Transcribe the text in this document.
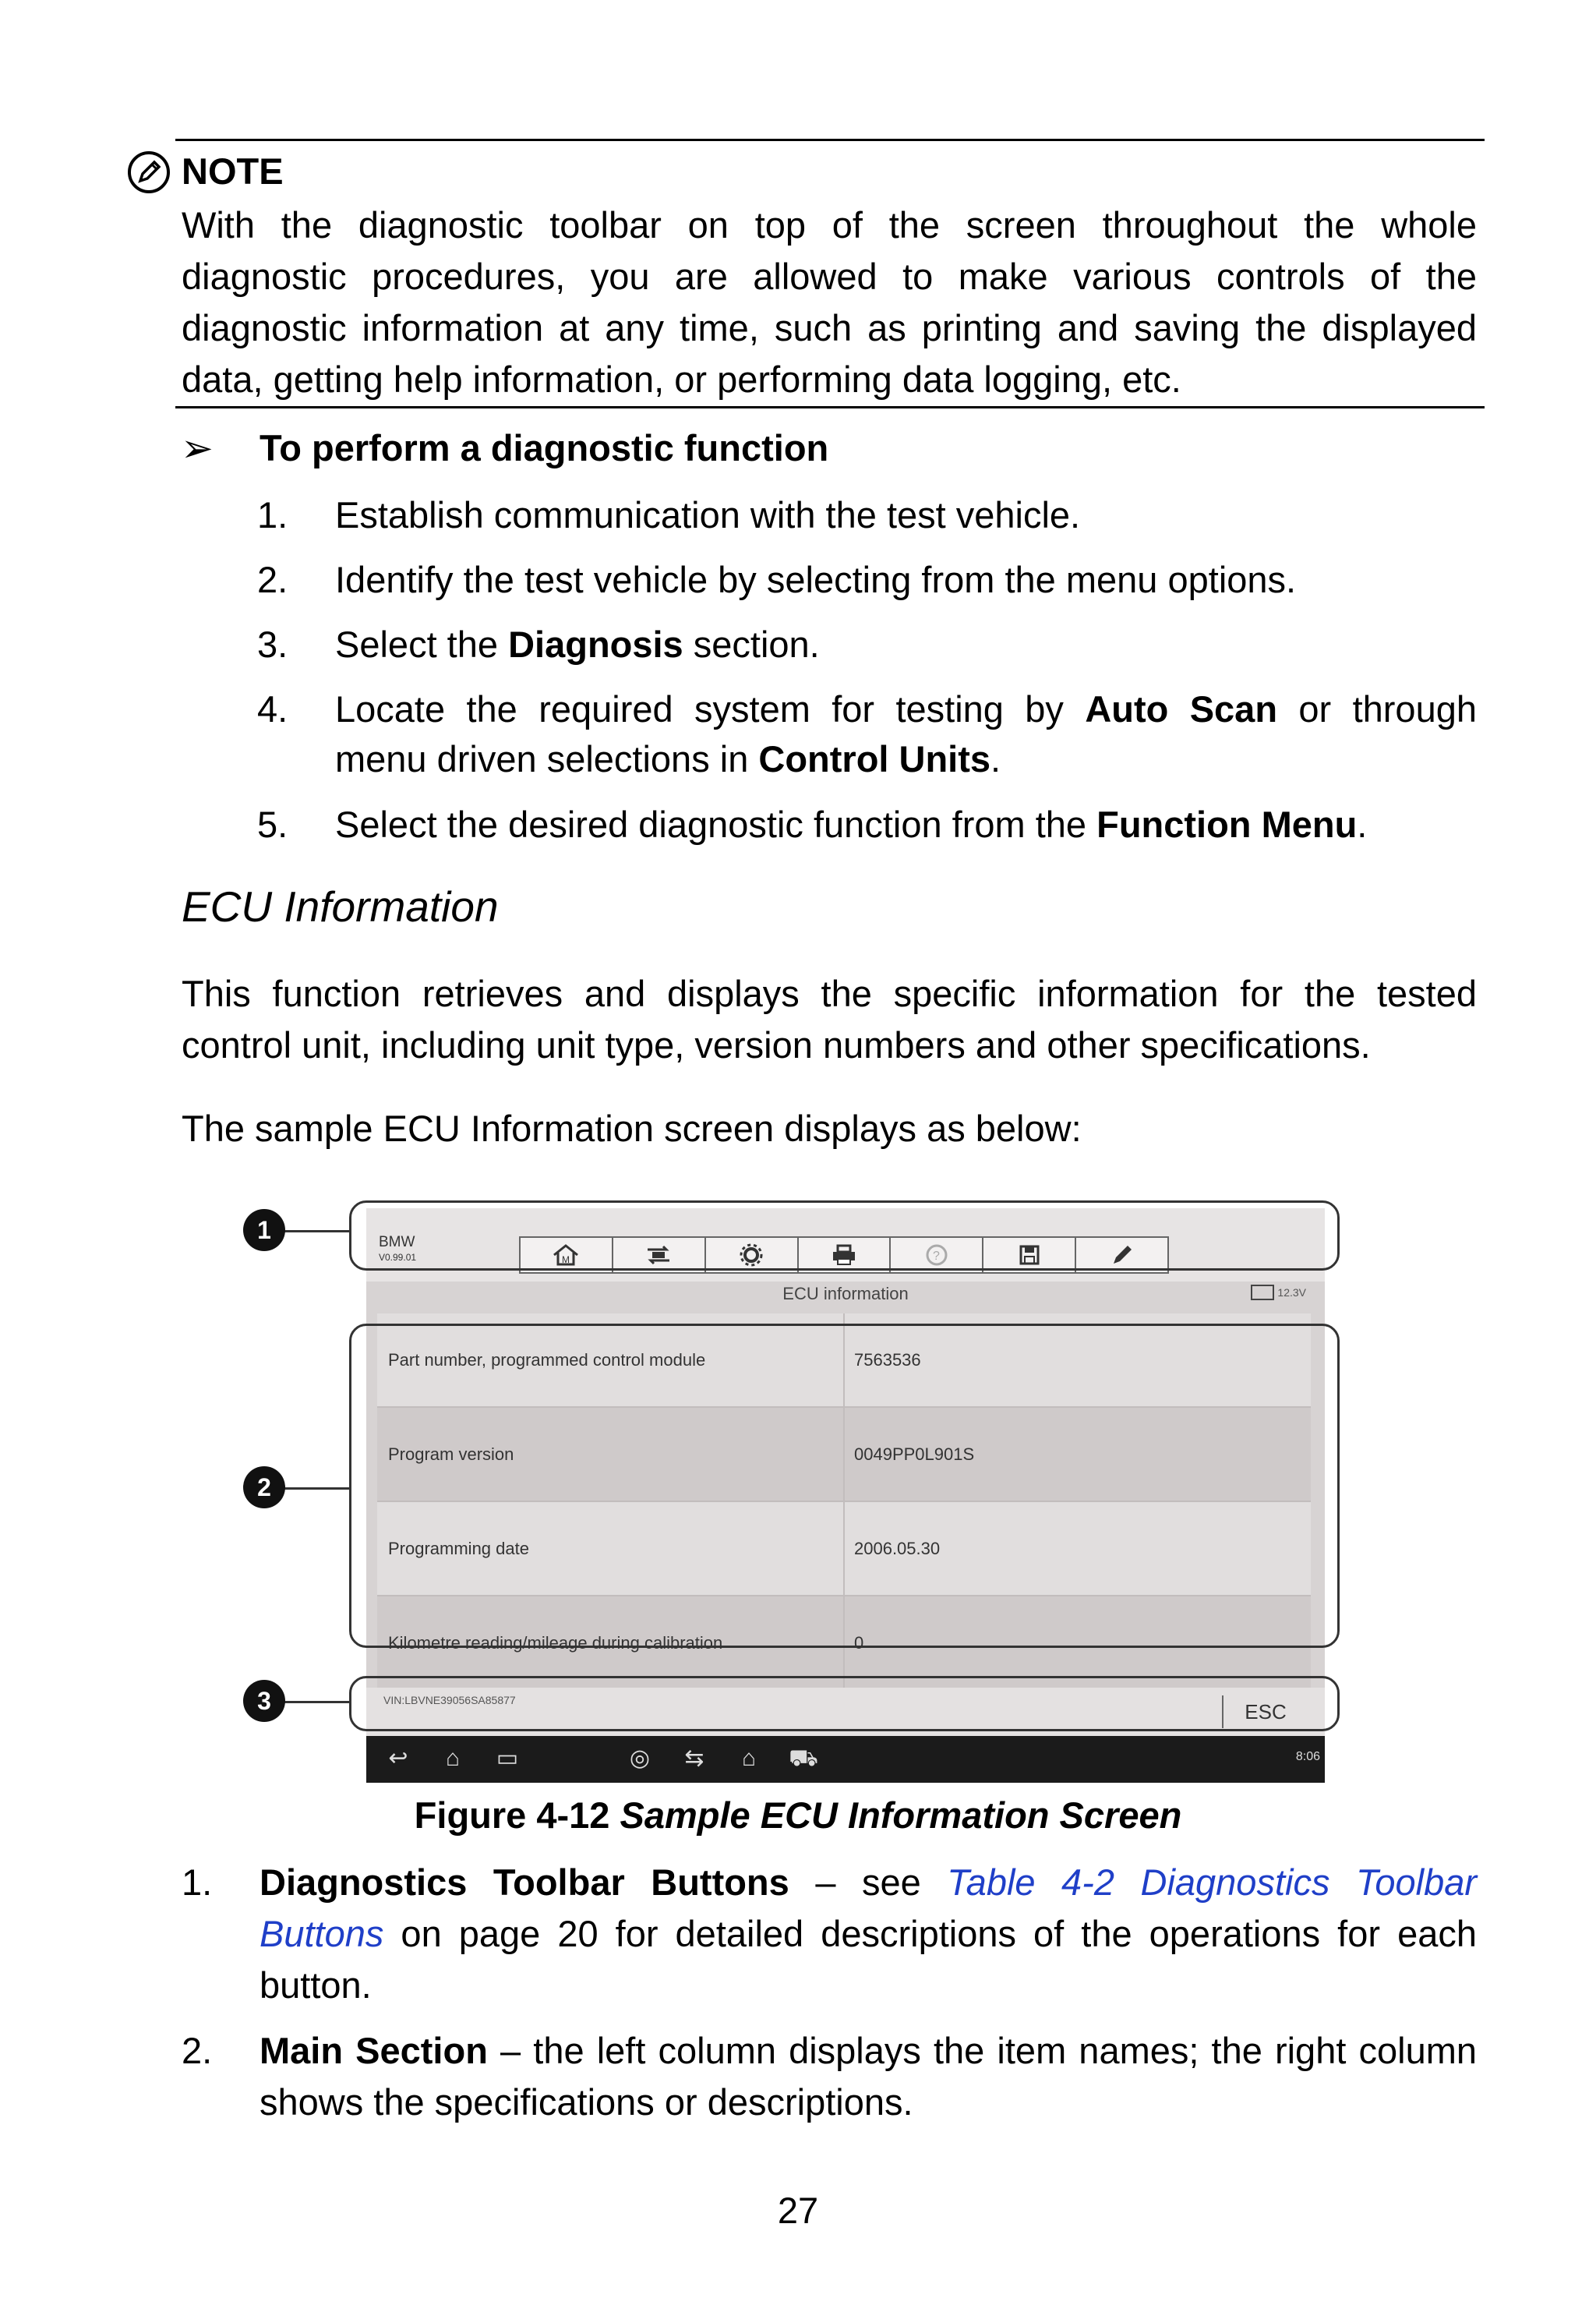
NOTE
With the diagnostic toolbar on top of the screen throughout the whole
diagnostic procedures, you are allowed to make various controls of the
diagnostic information at any time, such as printing and saving the displayed
data, getting help information, or performing data logging, etc.
➢ To perform a diagnostic function
1. Establish communication with the test vehicle.
2. Identify the test vehicle by selecting from the menu options.
3. Select the Diagnosis section.
4. Locate the required system for testing by Auto Scan or through
menu driven selections in Control Units.
5. Select the desired diagnostic function from the Function Menu.
ECU Information
This function retrieves and displays the specific information for the tested
control unit, including unit type, version numbers and other specifications.
The sample ECU Information screen displays as below:
BMW
V0.99.01	M	?
ECU information	12.3V
Part number, programmed control module	7563536
Program version	0049PP0L901S
Programming date	2006.05.30
Kilometre reading/mileage during calibration	0
VIN:LBVNE39056SA85877	ESC
↩	⌂	▭	◎ ⇆	⌂	⛟	8:06
1
2
3
Figure 4-12 Sample ECU Information Screen
1. Diagnostics Toolbar Buttons – see Table 4-2 Diagnostics Toolbar
Buttons on page 20 for detailed descriptions of the operations for each
button.
2. Main Section – the left column displays the item names; the right column
shows the specifications or descriptions.
27
